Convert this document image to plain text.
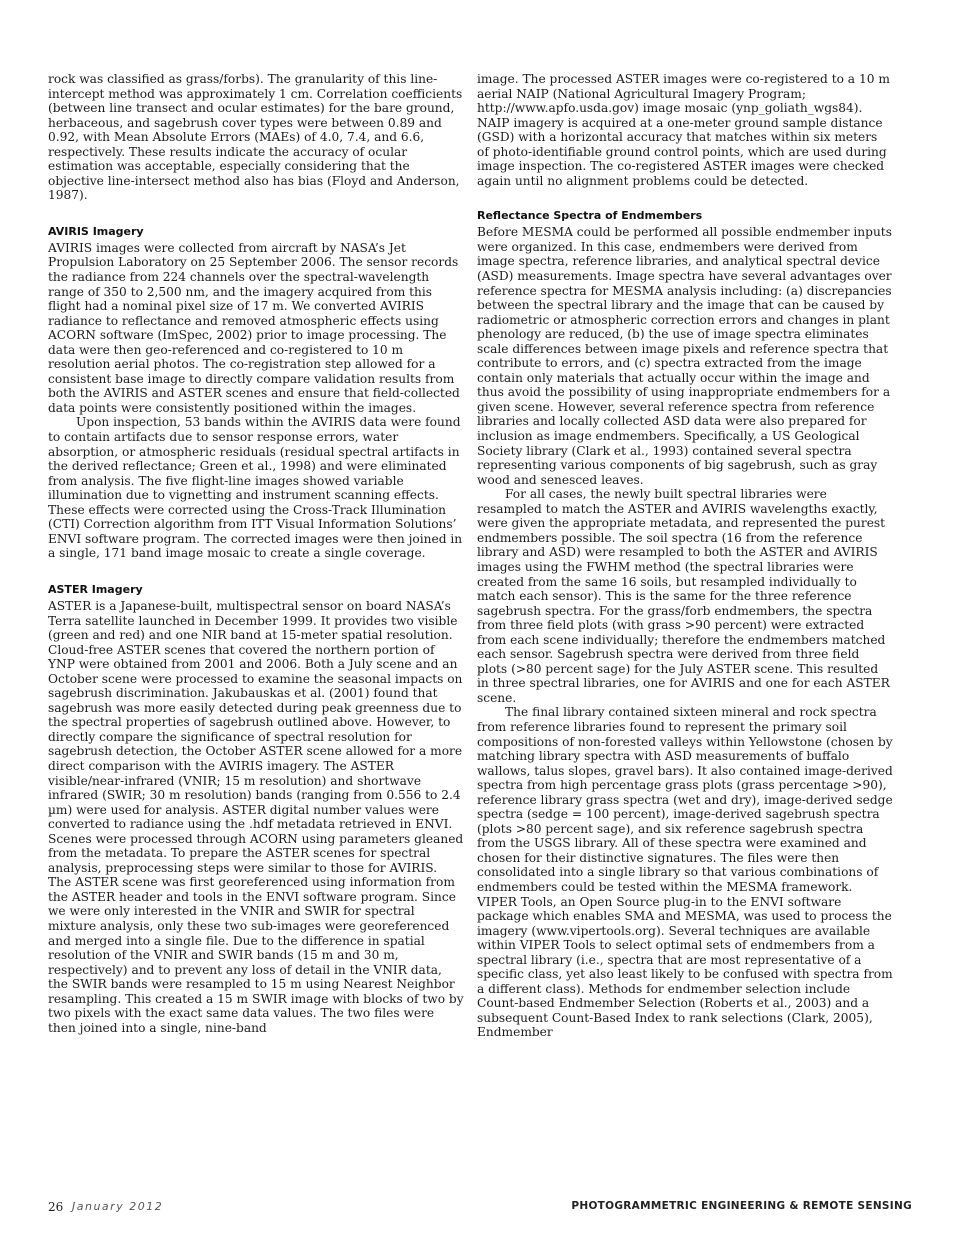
rock was classified as grass/forbs). The granularity of this line-intercept method was approximately 1 cm. Correlation coefficients (between line transect and ocular estimates) for the bare ground, herbaceous, and sagebrush cover types were between 0.89 and 0.92, with Mean Absolute Errors (MAEs) of 4.0, 7.4, and 6.6, respectively. These results indicate the accuracy of ocular estimation was acceptable, especially considering that the objective line-intersect method also has bias (Floyd and Anderson, 1987).

AVIRIS Imagery

AVIRIS images were collected from aircraft by NASA’s Jet Propulsion Laboratory on 25 September 2006. The sensor records the radiance from 224 channels over the spectral-wavelength range of 350 to 2,500 nm, and the imagery acquired from this flight had a nominal pixel size of 17 m. We converted AVIRIS radiance to reflectance and removed atmospheric effects using ACORN software (ImSpec, 2002) prior to image processing. The data were then geo-referenced and co-registered to 10 m resolution aerial photos. The co-registration step allowed for a consistent base image to directly compare validation results from both the AVIRIS and ASTER scenes and ensure that field-collected data points were consistently positioned within the images.

Upon inspection, 53 bands within the AVIRIS data were found to contain artifacts due to sensor response errors, water absorption, or atmospheric residuals (residual spectral artifacts in the derived reflectance; Green et al., 1998) and were eliminated from analysis. The five flight-line images showed variable illumination due to vignetting and instrument scanning effects. These effects were corrected using the Cross-Track Illumination (CTI) Correction algorithm from ITT Visual Information Solutions’ ENVI software program. The corrected images were then joined in a single, 171 band image mosaic to create a single coverage.

ASTER Imagery

ASTER is a Japanese-built, multispectral sensor on board NASA’s Terra satellite launched in December 1999. It provides two visible (green and red) and one NIR band at 15-meter spatial resolution. Cloud-free ASTER scenes that covered the northern portion of YNP were obtained from 2001 and 2006. Both a July scene and an October scene were processed to examine the seasonal impacts on sagebrush discrimination. Jakubauskas et al. (2001) found that sagebrush was more easily detected during peak greenness due to the spectral properties of sagebrush outlined above. However, to directly compare the significance of spectral resolution for sagebrush detection, the October ASTER scene allowed for a more direct comparison with the AVIRIS imagery. The ASTER visible/near-infrared (VNIR; 15 m resolution) and shortwave infrared (SWIR; 30 m resolution) bands (ranging from 0.556 to 2.4 µm) were used for analysis. ASTER digital number values were converted to radiance using the .hdf metadata retrieved in ENVI. Scenes were processed through ACORN using parameters gleaned from the metadata. To prepare the ASTER scenes for spectral analysis, preprocessing steps were similar to those for AVIRIS. The ASTER scene was first georeferenced using information from the ASTER header and tools in the ENVI software program. Since we were only interested in the VNIR and SWIR for spectral mixture analysis, only these two sub-images were georeferenced and merged into a single file. Due to the difference in spatial resolution of the VNIR and SWIR bands (15 m and 30 m, respectively) and to prevent any loss of detail in the VNIR data, the SWIR bands were resampled to 15 m using Nearest Neighbor resampling. This created a 15 m SWIR image with blocks of two by two pixels with the exact same data values. The two files were then joined into a single, nine-band

image. The processed ASTER images were co-registered to a 10 m aerial NAIP (National Agricultural Imagery Program; http://www.apfo.usda.gov) image mosaic (ynp_goliath_wgs84). NAIP imagery is acquired at a one-meter ground sample distance (GSD) with a horizontal accuracy that matches within six meters of photo-identifiable ground control points, which are used during image inspection. The co-registered ASTER images were checked again until no alignment problems could be detected.

Reflectance Spectra of Endmembers

Before MESMA could be performed all possible endmember inputs were organized. In this case, endmembers were derived from image spectra, reference libraries, and analytical spectral device (ASD) measurements. Image spectra have several advantages over reference spectra for MESMA analysis including: (a) discrepancies between the spectral library and the image that can be caused by radiometric or atmospheric correction errors and changes in plant phenology are reduced, (b) the use of image spectra eliminates scale differences between image pixels and reference spectra that contribute to errors, and (c) spectra extracted from the image contain only materials that actually occur within the image and thus avoid the possibility of using inappropriate endmembers for a given scene. However, several reference spectra from reference libraries and locally collected ASD data were also prepared for inclusion as image endmembers. Specifically, a US Geological Society library (Clark et al., 1993) contained several spectra representing various components of big sagebrush, such as gray wood and senesced leaves.

For all cases, the newly built spectral libraries were resampled to match the ASTER and AVIRIS wavelengths exactly, were given the appropriate metadata, and represented the purest endmembers possible. The soil spectra (16 from the reference library and ASD) were resampled to both the ASTER and AVIRIS images using the FWHM method (the spectral libraries were created from the same 16 soils, but resampled individually to match each sensor). This is the same for the three reference sagebrush spectra. For the grass/forb endmembers, the spectra from three field plots (with grass >90 percent) were extracted from each scene individually; therefore the endmembers matched each sensor. Sagebrush spectra were derived from three field plots (>80 percent sage) for the July ASTER scene. This resulted in three spectral libraries, one for AVIRIS and one for each ASTER scene.

The final library contained sixteen mineral and rock spectra from reference libraries found to represent the primary soil compositions of non-forested valleys within Yellowstone (chosen by matching library spectra with ASD measurements of buffalo wallows, talus slopes, gravel bars). It also contained image-derived spectra from high percentage grass plots (grass percentage >90), reference library grass spectra (wet and dry), image-derived sedge spectra (sedge = 100 percent), image-derived sagebrush spectra (plots >80 percent sage), and six reference sagebrush spectra from the USGS library. All of these spectra were examined and chosen for their distinctive signatures. The files were then consolidated into a single library so that various combinations of endmembers could be tested within the MESMA framework. VIPER Tools, an Open Source plug-in to the ENVI software package which enables SMA and MESMA, was used to process the imagery (www.vipertools.org). Several techniques are available within VIPER Tools to select optimal sets of endmembers from a spectral library (i.e., spectra that are most representative of a specific class, yet also least likely to be confused with spectra from a different class). Methods for endmember selection include Count-based Endmember Selection (Roberts et al., 2003) and a subsequent Count-Based Index to rank selections (Clark, 2005), Endmember

26 January 2012	PHOTOGRAMMETRIC ENGINEERING & REMOTE SENSING
